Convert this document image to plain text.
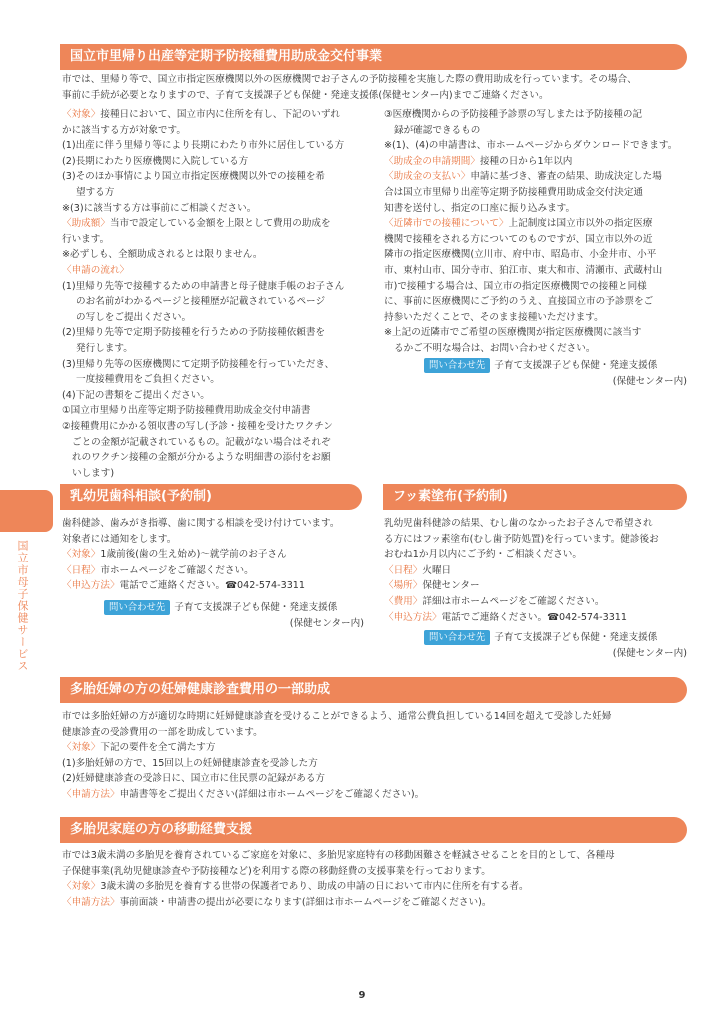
国立市母子保健サービス
国立市里帰り出産等定期予防接種費用助成金交付事業
市では、里帰り等で、国立市指定医療機関以外の医療機関でお子さんの予防接種を実施した際の費用助成を行っています。その場合、
事前に手続が必要となりますので、子育て支援課子ども保健・発達支援係(保健センター内)までご連絡ください。
〈対象〉接種日において、国立市内に住所を有し、下記のいずれ
かに該当する方が対象です。
(1)出産に伴う里帰り等により長期にわたり市外に居住している方
(2)長期にわたり医療機関に入院している方
(3)そのほか事情により国立市指定医療機関以外での接種を希
望する方
※(3)に該当する方は事前にご相談ください。
〈助成額〉当市で設定している金額を上限として費用の助成を
行います。
※必ずしも、全額助成されるとは限りません。
〈申請の流れ〉
(1)里帰り先等で接種するための申請書と母子健康手帳のお子さん
のお名前がわかるページと接種歴が記載されているページ
の写しをご提出ください。
(2)里帰り先等で定期予防接種を行うための予防接種依頼書を
発行します。
(3)里帰り先等の医療機関にて定期予防接種を行っていただき、
一度接種費用をご負担ください。
(4)下記の書類をご提出ください。
①国立市里帰り出産等定期予防接種費用助成金交付申請書
②接種費用にかかる領収書の写し(予診・接種を受けたワクチン
ごとの金額が記載されているもの。記載がない場合はそれぞ
れのワクチン接種の金額が分かるような明細書の添付をお願
いします)
③医療機関からの予防接種予診票の写しまたは予防接種の記
録が確認できるもの
※(1)、(4)の申請書は、市ホームページからダウンロードできます。
〈助成金の申請期間〉接種の日から1年以内
〈助成金の支払い〉申請に基づき、審査の結果、助成決定した場
合は国立市里帰り出産等定期予防接種費用助成金交付決定通
知書を送付し、指定の口座に振り込みます。
〈近隣市での接種について〉上記制度は国立市以外の指定医療
機関で接種をされる方についてのものですが、国立市以外の近
隣市の指定医療機関(立川市、府中市、昭島市、小金井市、小平
市、東村山市、国分寺市、狛江市、東大和市、清瀬市、武蔵村山
市)で接種する場合は、国立市の指定医療機関での接種と同様
に、事前に医療機関にご予約のうえ、直接国立市の予診票をご
持参いただくことで、そのまま接種いただけます。
※上記の近隣市でご希望の医療機関が指定医療機関に該当す
るかご不明な場合は、お問い合わせください。
問い合わせ先 子育て支援課子ども保健・発達支援係
(保健センター内)
乳幼児歯科相談(予約制)
歯科健診、歯みがき指導、歯に関する相談を受け付けています。
対象者には通知をします。
〈対象〉1歳前後(歯の生え始め)～就学前のお子さん
〈日程〉市ホームページをご確認ください。
〈申込方法〉電話でご連絡ください。☎042-574-3311
問い合わせ先 子育て支援課子ども保健・発達支援係
(保健センター内)
フッ素塗布(予約制)
乳幼児歯科健診の結果、むし歯のなかったお子さんで希望され
る方にはフッ素塗布(むし歯予防処置)を行っています。健診後お
おむね1か月以内にご予約・ご相談ください。
〈日程〉火曜日
〈場所〉保健センター
〈費用〉詳細は市ホームページをご確認ください。
〈申込方法〉電話でご連絡ください。☎042-574-3311
問い合わせ先 子育て支援課子ども保健・発達支援係
(保健センター内)
多胎妊婦の方の妊婦健康診査費用の一部助成
市では多胎妊婦の方が適切な時期に妊婦健康診査を受けることができるよう、通常公費負担している14回を超えて受診した妊婦
健康診査の受診費用の一部を助成しています。
〈対象〉下記の要件を全て満たす方
(1)多胎妊婦の方で、15回以上の妊婦健康診査を受診した方
(2)妊婦健康診査の受診日に、国立市に住民票の記録がある方
〈申請方法〉申請書等をご提出ください(詳細は市ホームページをご確認ください)。
多胎児家庭の方の移動経費支援
市では3歳未満の多胎児を養育されているご家庭を対象に、多胎児家庭特有の移動困難さを軽減させることを目的として、各種母
子保健事業(乳幼児健康診査や予防接種など)を利用する際の移動経費の支援事業を行っております。
〈対象〉3歳未満の多胎児を養育する世帯の保護者であり、助成の申請の日において市内に住所を有する者。
〈申請方法〉事前面談・申請書の提出が必要になります(詳細は市ホームページをご確認ください)。
9
